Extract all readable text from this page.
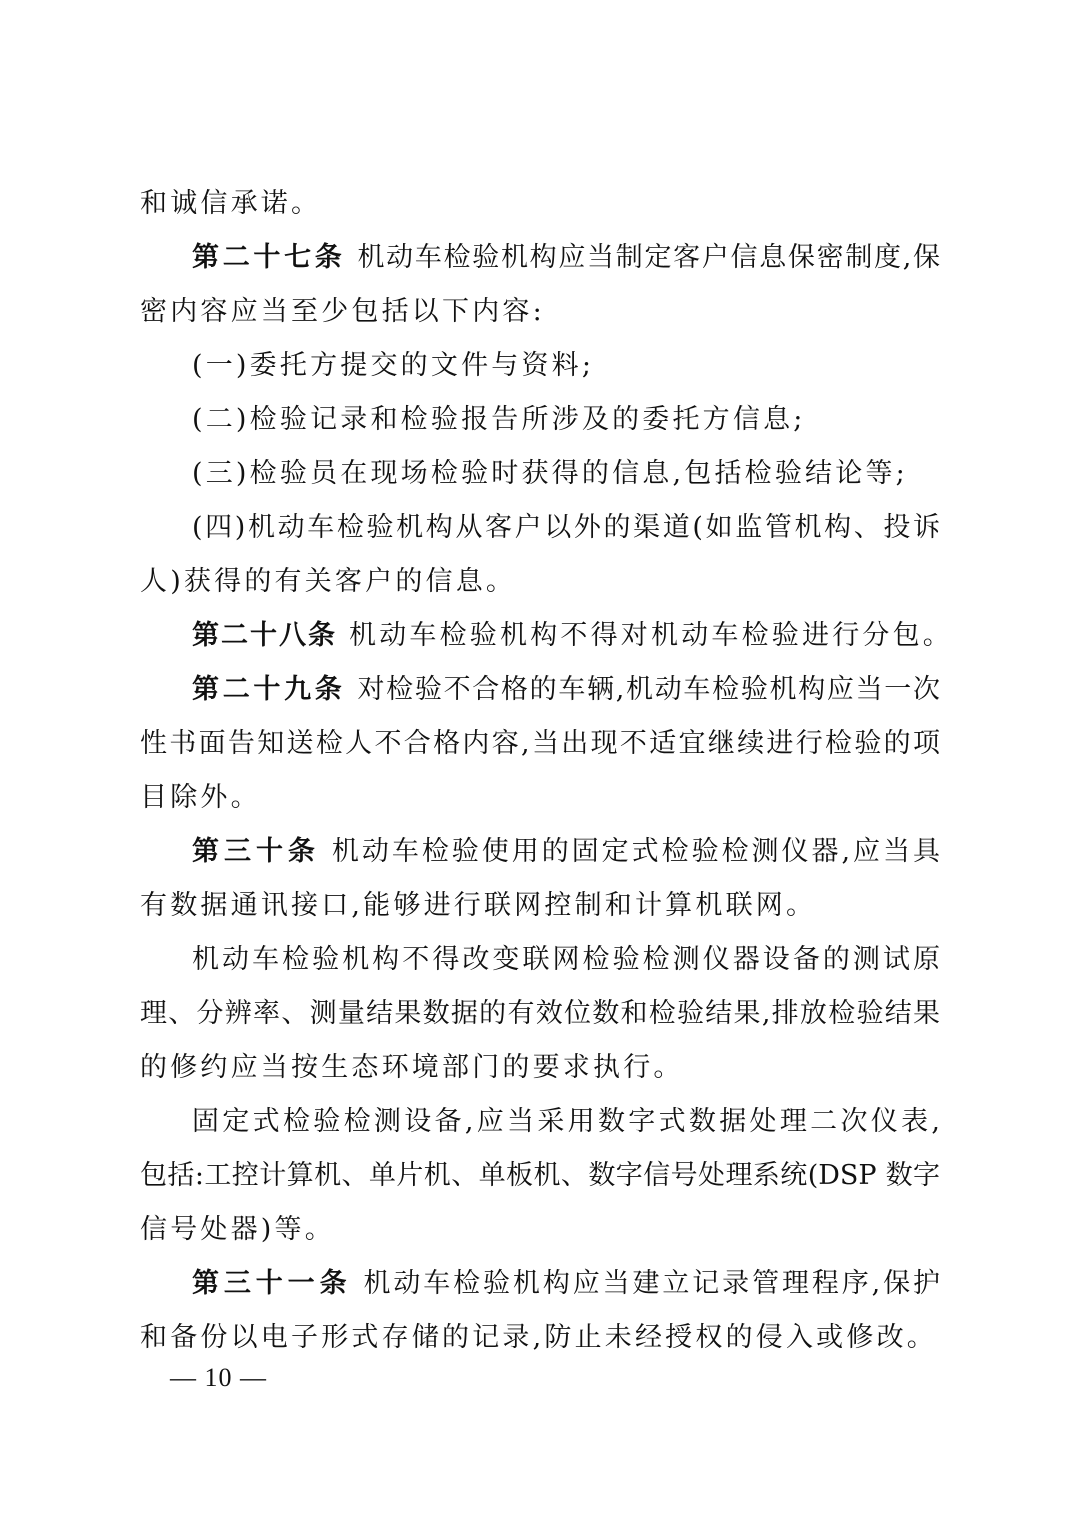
和诚信承诺。
第二十七条 机动车检验机构应当制定客户信息保密制度,保
密内容应当至少包括以下内容:
(一)委托方提交的文件与资料;
(二)检验记录和检验报告所涉及的委托方信息;
(三)检验员在现场检验时获得的信息,包括检验结论等;
(四)机动车检验机构从客户以外的渠道(如监管机构、投诉
人)获得的有关客户的信息。
第二十八条 机动车检验机构不得对机动车检验进行分包。
第二十九条 对检验不合格的车辆,机动车检验机构应当一次
性书面告知送检人不合格内容,当出现不适宜继续进行检验的项
目除外。
第三十条 机动车检验使用的固定式检验检测仪器,应当具
有数据通讯接口,能够进行联网控制和计算机联网。
机动车检验机构不得改变联网检验检测仪器设备的测试原
理、分辨率、测量结果数据的有效位数和检验结果,排放检验结果
的修约应当按生态环境部门的要求执行。
固定式检验检测设备,应当采用数字式数据处理二次仪表,
包括:工控计算机、单片机、单板机、数字信号处理系统(DSP 数字
信号处器)等。
第三十一条 机动车检验机构应当建立记录管理程序,保护
和备份以电子形式存储的记录,防止未经授权的侵入或修改。
— 10 —
